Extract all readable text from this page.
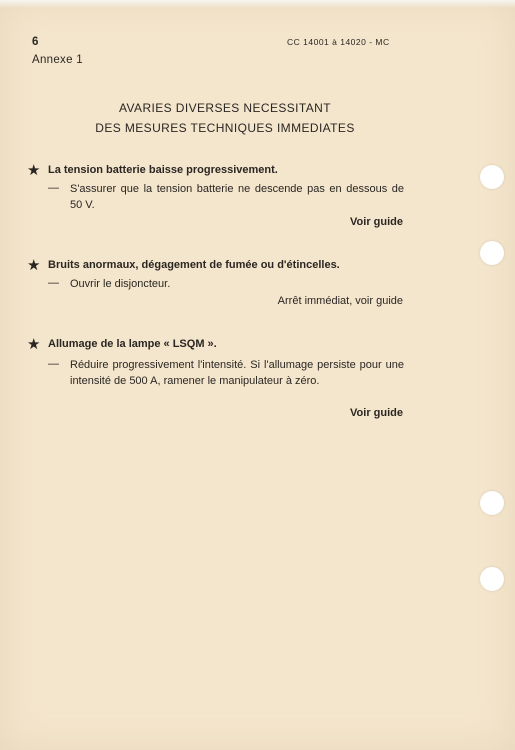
6	CC 14001 à 14020 - MC
Annexe 1
AVARIES DIVERSES NECESSITANT
DES MESURES TECHNIQUES IMMEDIATES
★ La tension batterie baisse progressivement.
— S'assurer que la tension batterie ne descende pas en dessous de 50 V.
Voir guide
★ Bruits anormaux, dégagement de fumée ou d'étincelles.
— Ouvrir le disjoncteur.
Arrêt immédiat, voir guide
★ Allumage de la lampe « LSQM ».
— Réduire progressivement l'intensité. Si l'allumage persiste pour une intensité de 500 A, ramener le manipulateur à zéro.
Voir guide
